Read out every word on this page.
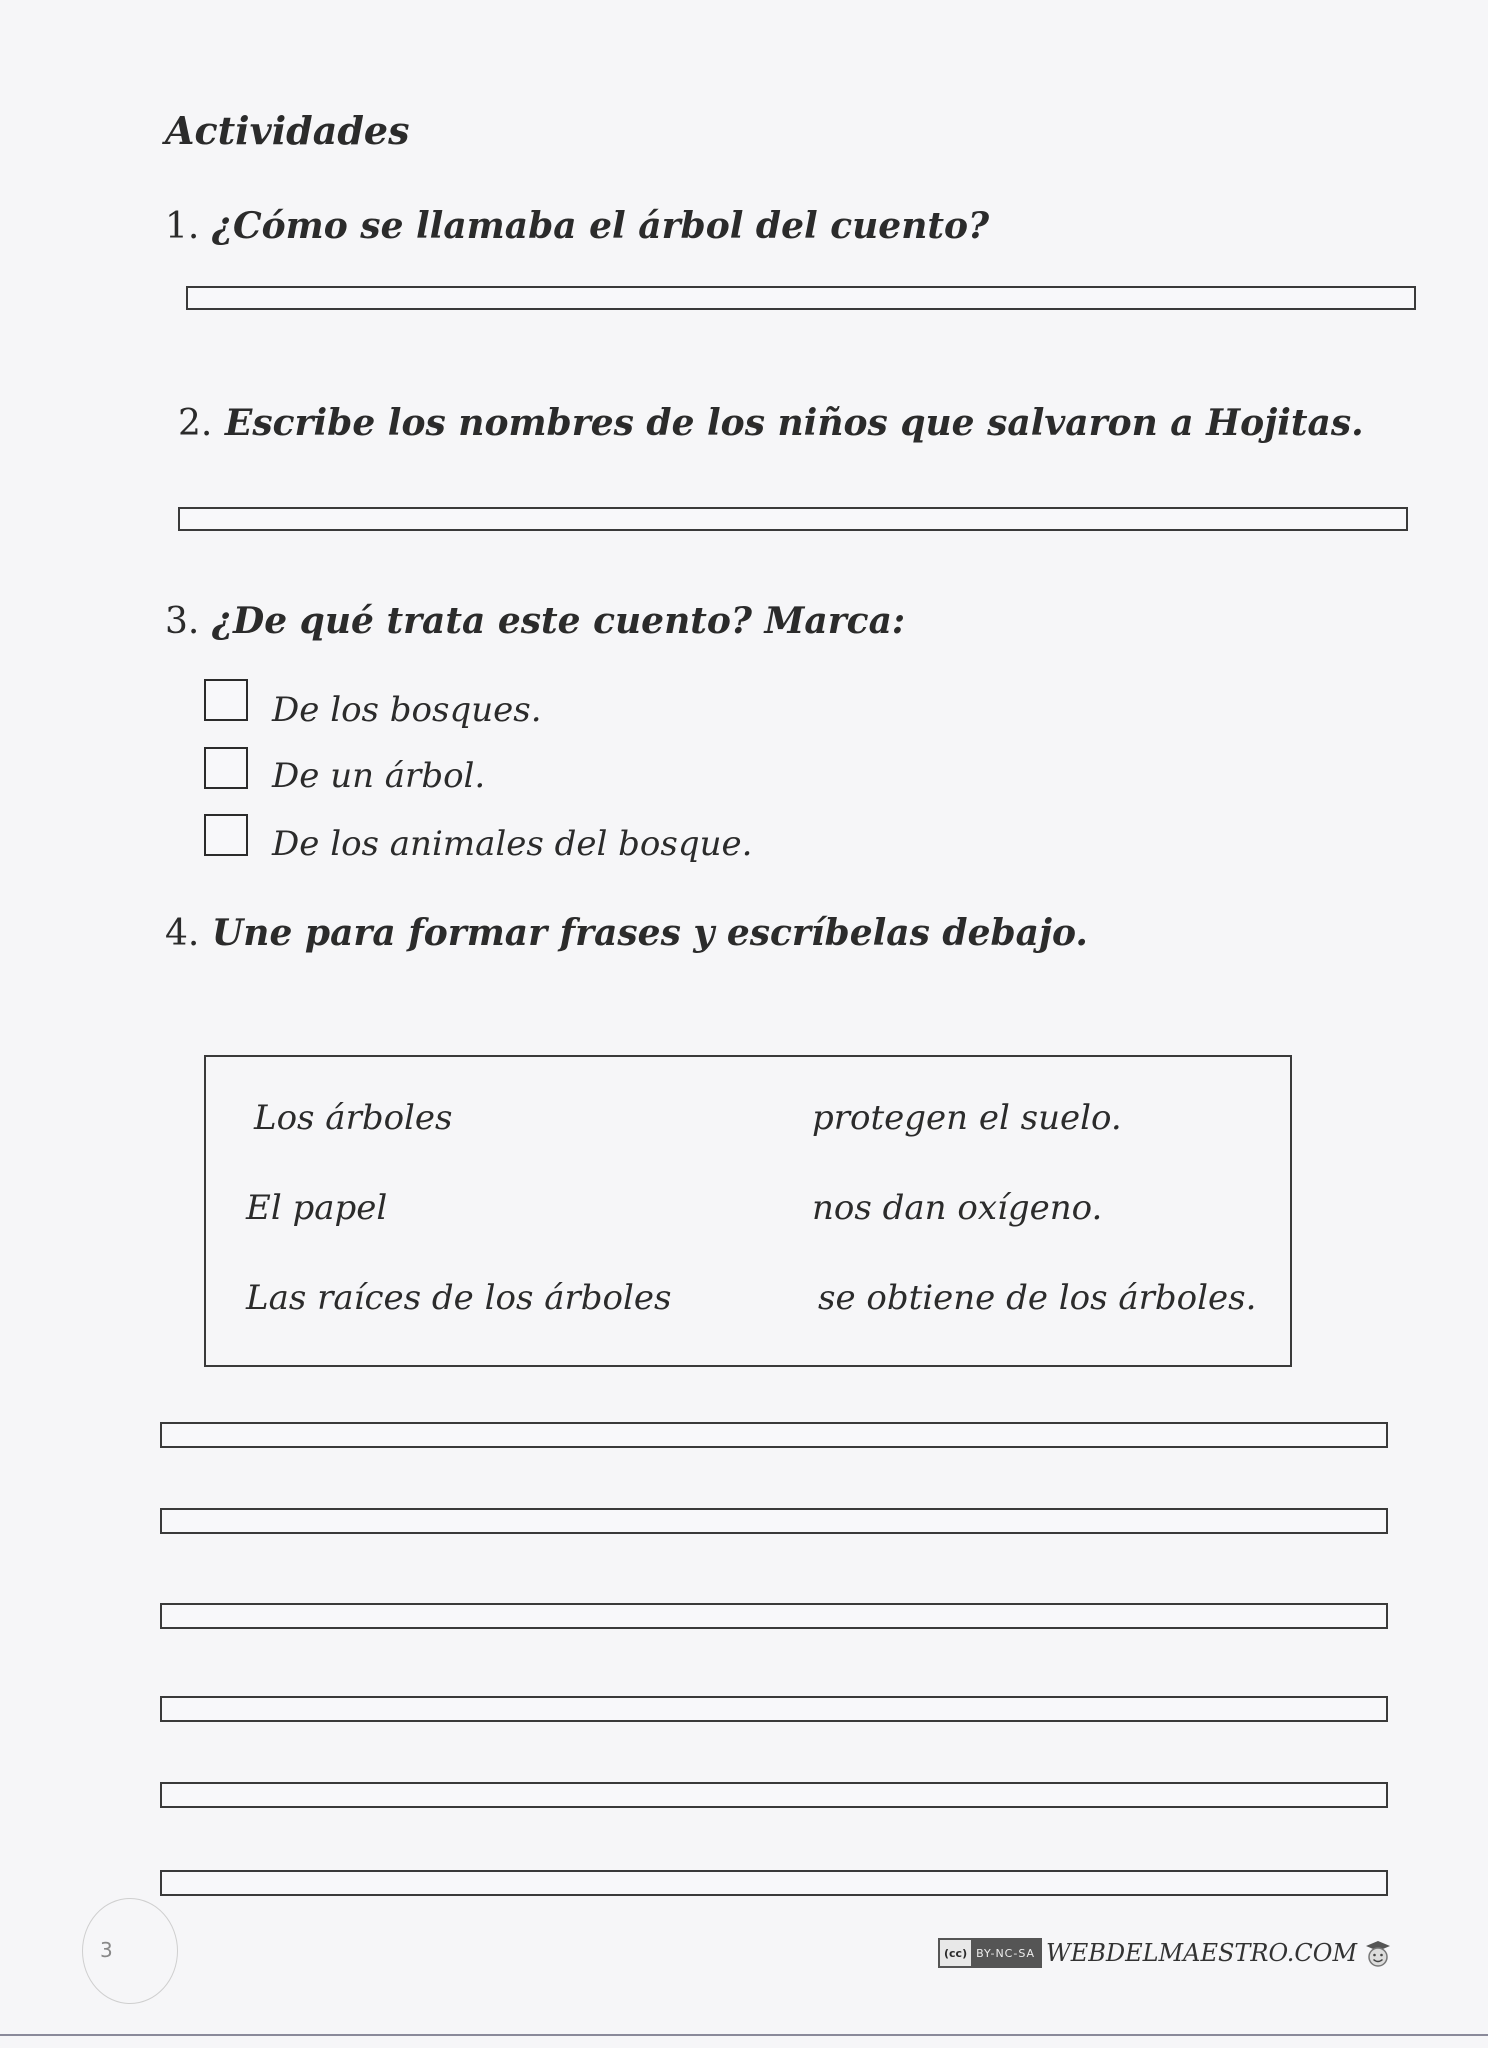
Actividades
1. ¿Cómo se llamaba el árbol del cuento?
2. Escribe los nombres de los niños que salvaron a Hojitas.
3. ¿De qué trata este cuento? Marca:
De los bosques.
De un árbol.
De los animales del bosque.
4. Une para formar frases y escríbelas debajo.
Los árboles
El papel
Las raíces de los árboles
protegen el suelo.
nos dan oxígeno.
se obtiene de los árboles.
3	(cc) BY-NC-SA WEBDELMAESTRO.COM
